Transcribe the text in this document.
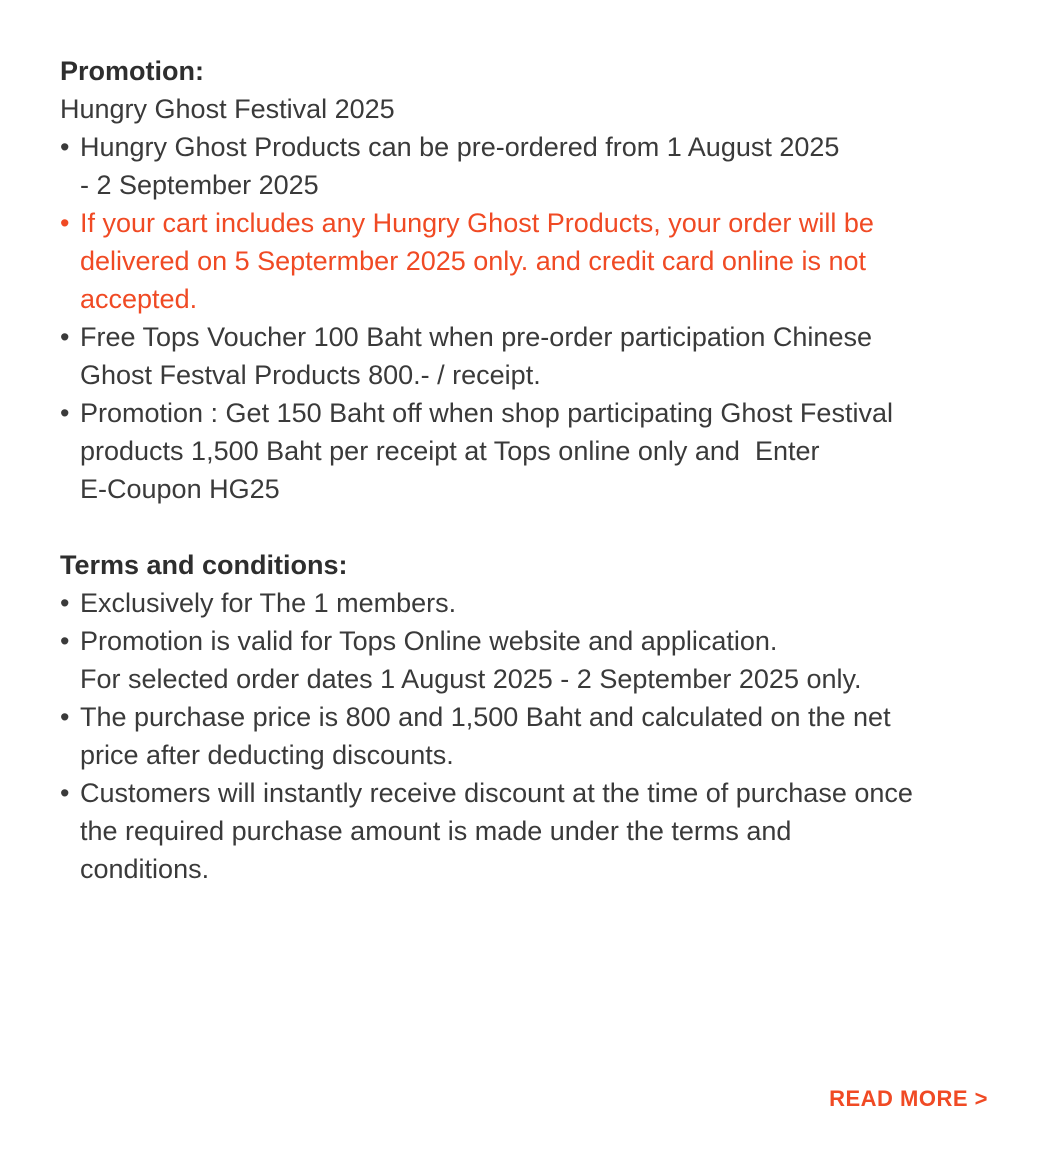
Promotion:

Hungry Ghost Festival 2025

• Hungry Ghost Products can be pre-ordered from 1 August 2025
- 2 September 2025
• If your cart includes any Hungry Ghost Products, your order will be
delivered on 5 Septermber 2025 only. and credit card online is not
accepted.
• Free Tops Voucher 100 Baht when pre-order participation Chinese
Ghost Festval Products 800.- / receipt.
• Promotion : Get 150 Baht off when shop participating Ghost Festival
products 1,500 Baht per receipt at Tops online only and  Enter
E-Coupon HG25

Terms and conditions:

• Exclusively for The 1 members.
• Promotion is valid for Tops Online website and application.
For selected order dates 1 August 2025 - 2 September 2025 only.
• The purchase price is 800 and 1,500 Baht and calculated on the net
price after deducting discounts.
• Customers will instantly receive discount at the time of purchase once
the required purchase amount is made under the terms and
conditions.
READ MORE >
